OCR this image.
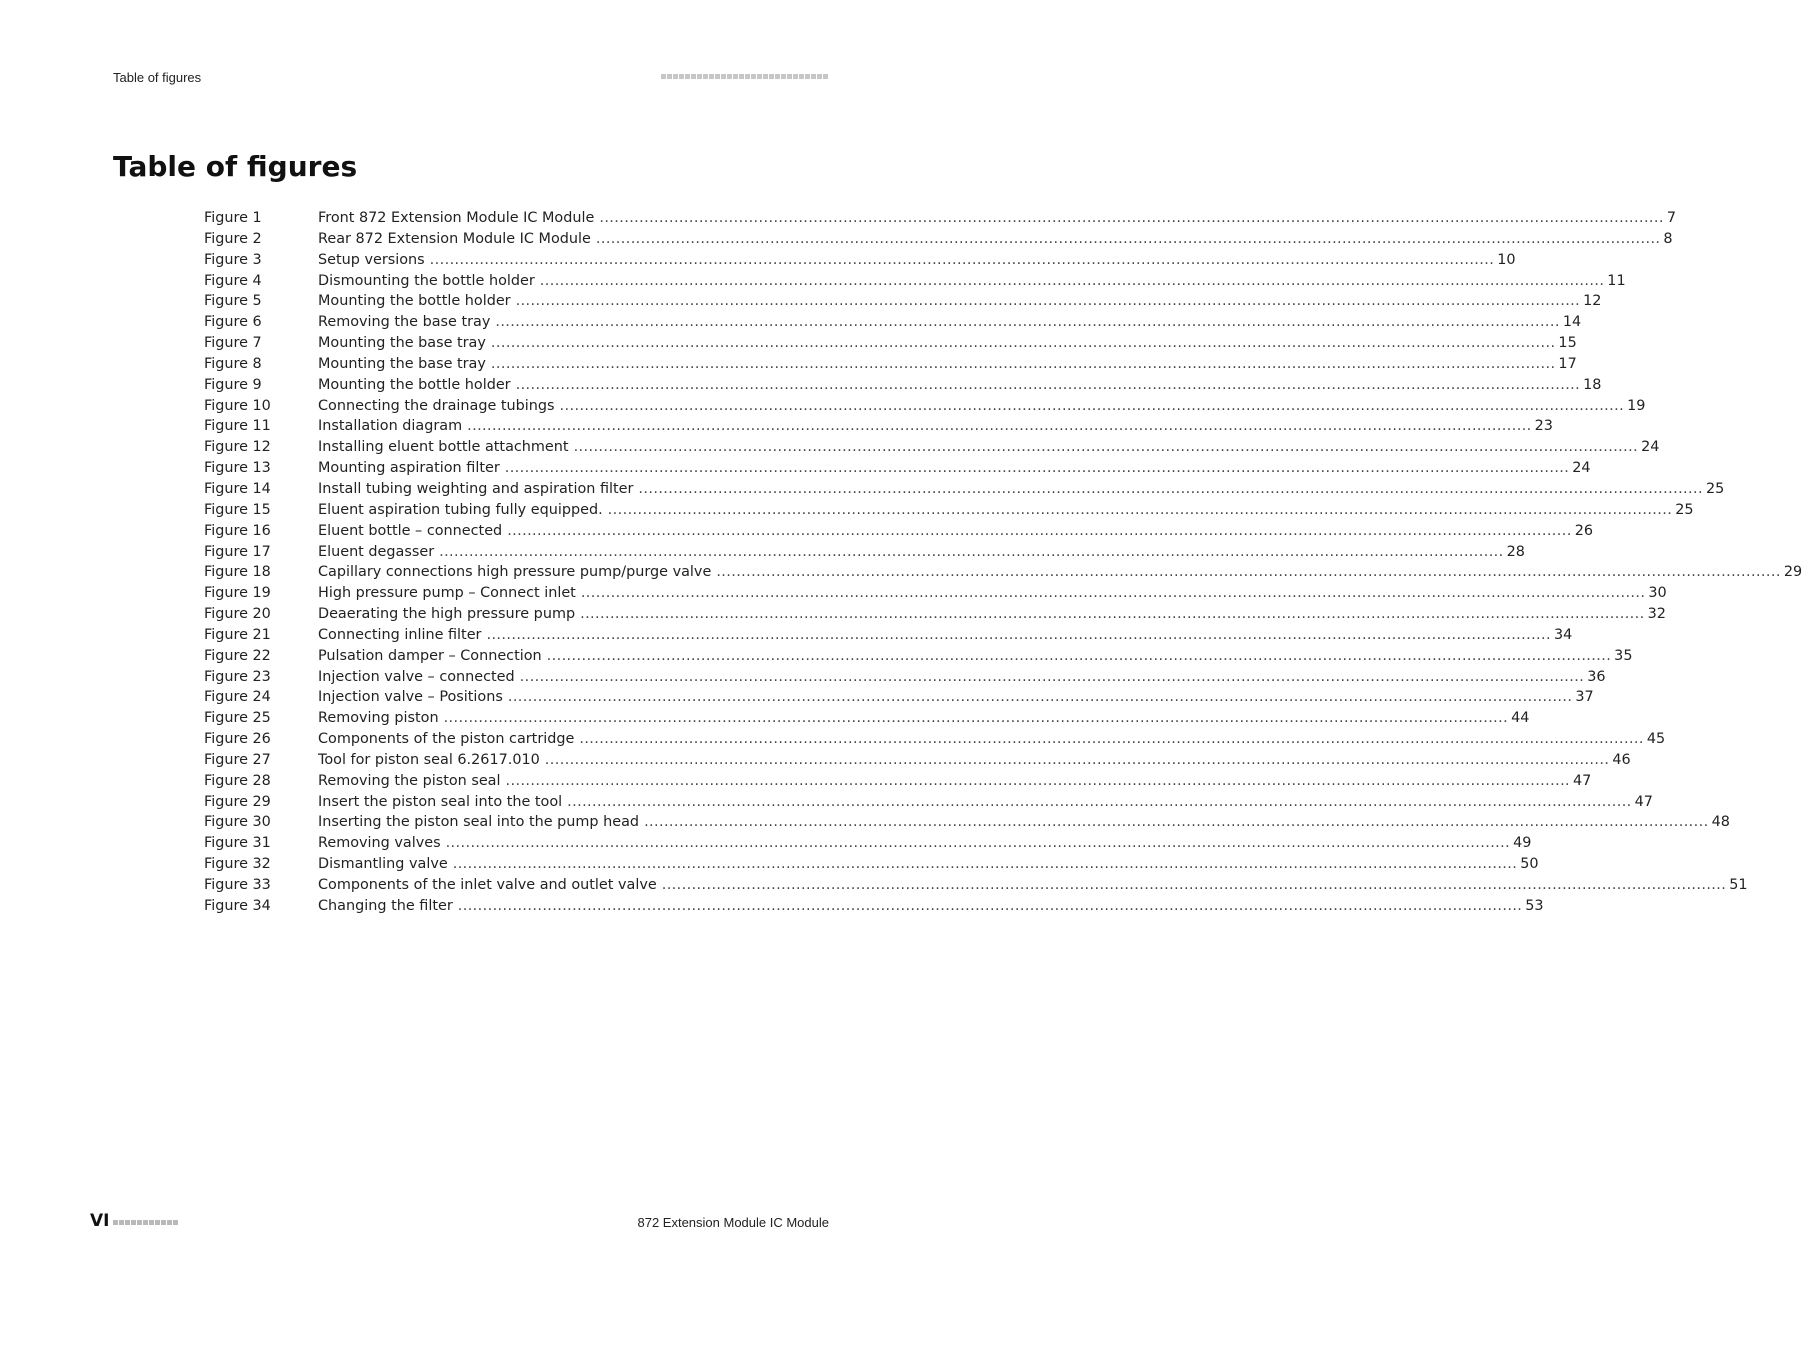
Table of figures
Table of figures
Figure 1	Front 872 Extension Module IC Module .....	7
Figure 2	Rear 872 Extension Module IC Module .....	8
Figure 3	Setup versions .....	10
Figure 4	Dismounting the bottle holder .....	11
Figure 5	Mounting the bottle holder .....	12
Figure 6	Removing the base tray .....	14
Figure 7	Mounting the base tray .....	15
Figure 8	Mounting the base tray .....	17
Figure 9	Mounting the bottle holder .....	18
Figure 10	Connecting the drainage tubings .....	19
Figure 11	Installation diagram .....	23
Figure 12	Installing eluent bottle attachment .....	24
Figure 13	Mounting aspiration filter .....	24
Figure 14	Install tubing weighting and aspiration filter .....	25
Figure 15	Eluent aspiration tubing fully equipped. .....	25
Figure 16	Eluent bottle – connected .....	26
Figure 17	Eluent degasser .....	28
Figure 18	Capillary connections high pressure pump/purge valve .....	29
Figure 19	High pressure pump – Connect inlet .....	30
Figure 20	Deaerating the high pressure pump .....	32
Figure 21	Connecting inline filter .....	34
Figure 22	Pulsation damper – Connection .....	35
Figure 23	Injection valve – connected .....	36
Figure 24	Injection valve – Positions .....	37
Figure 25	Removing piston .....	44
Figure 26	Components of the piston cartridge .....	45
Figure 27	Tool for piston seal 6.2617.010 .....	46
Figure 28	Removing the piston seal .....	47
Figure 29	Insert the piston seal into the tool .....	47
Figure 30	Inserting the piston seal into the pump head .....	48
Figure 31	Removing valves .....	49
Figure 32	Dismantling valve .....	50
Figure 33	Components of the inlet valve and outlet valve .....	51
Figure 34	Changing the filter .....	53
VI	872 Extension Module IC Module
